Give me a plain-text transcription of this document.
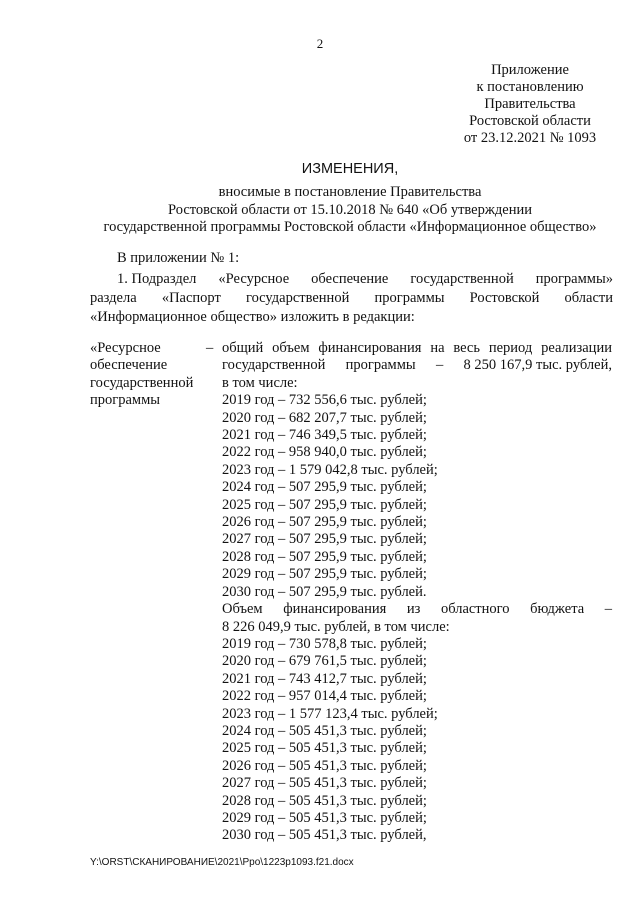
2
Приложение
к постановлению
Правительства
Ростовской области
от 23.12.2021 № 1093
ИЗМЕНЕНИЯ,
вносимые в постановление Правительства
Ростовской области от 15.10.2018 № 640 «Об утверждении
государственной программы Ростовской области «Информационное общество»
В приложении № 1:
1. Подраздел «Ресурсное обеспечение государственной программы»
раздела «Паспорт государственной программы Ростовской области
«Информационное общество» изложить в редакции:
«Ресурсное
обеспечение
государственной
программы
– общий объем финансирования на весь период реализации
государственной программы – 8 250 167,9 тыс. рублей,
в том числе:
2019 год – 732 556,6 тыс. рублей;
2020 год – 682 207,7 тыс. рублей;
2021 год – 746 349,5 тыс. рублей;
2022 год – 958 940,0 тыс. рублей;
2023 год – 1 579 042,8 тыс. рублей;
2024 год – 507 295,9 тыс. рублей;
2025 год – 507 295,9 тыс. рублей;
2026 год – 507 295,9 тыс. рублей;
2027 год – 507 295,9 тыс. рублей;
2028 год – 507 295,9 тыс. рублей;
2029 год – 507 295,9 тыс. рублей;
2030 год – 507 295,9 тыс. рублей.
Объем финансирования из областного бюджета –
8 226 049,9 тыс. рублей, в том числе:
2019 год – 730 578,8 тыс. рублей;
2020 год – 679 761,5 тыс. рублей;
2021 год – 743 412,7 тыс. рублей;
2022 год – 957 014,4 тыс. рублей;
2023 год – 1 577 123,4 тыс. рублей;
2024 год – 505 451,3 тыс. рублей;
2025 год – 505 451,3 тыс. рублей;
2026 год – 505 451,3 тыс. рублей;
2027 год – 505 451,3 тыс. рублей;
2028 год – 505 451,3 тыс. рублей;
2029 год – 505 451,3 тыс. рублей;
2030 год – 505 451,3 тыс. рублей,
Y:\ORST\СКАНИРОВАНИЕ\2021\Ppo\1223p1093.f21.docx
